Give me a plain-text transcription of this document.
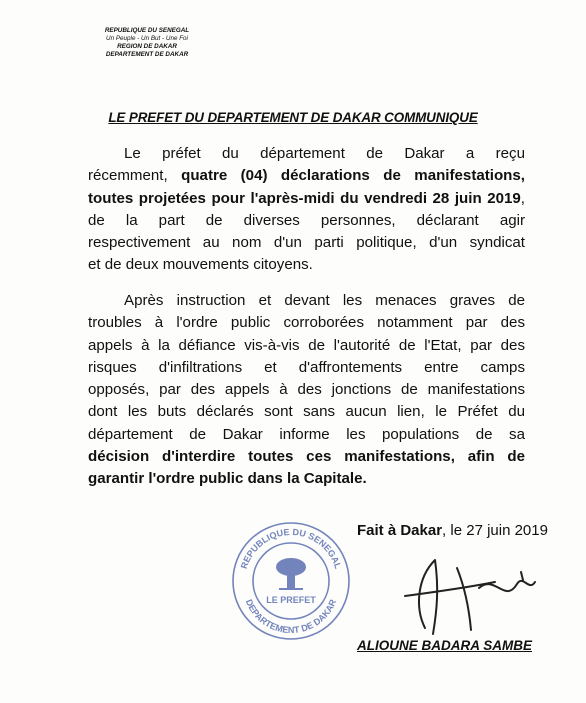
REPUBLIQUE DU SENEGAL
Un Peuple - Un But - Une Foi
REGION DE DAKAR
DEPARTEMENT DE DAKAR
LE PREFET DU DEPARTEMENT DE DAKAR COMMUNIQUE
Le préfet du département de Dakar a reçu
récemment, quatre (04) déclarations de manifestations,
toutes projetées pour l'après-midi du vendredi 28 juin 2019,
de la part de diverses personnes, déclarant agir
respectivement au nom d'un parti politique, d'un syndicat
et de deux mouvements citoyens.
Après instruction et devant les menaces graves de
troubles à l'ordre public corroborées notamment par des
appels à la défiance vis-à-vis de l'autorité de l'Etat, par des
risques d'infiltrations et d'affrontements entre camps
opposés, par des appels à des jonctions de manifestations
dont les buts déclarés sont sans aucun lien, le Préfet du
département de Dakar informe les populations de sa
décision d'interdire toutes ces manifestations, afin de
garantir l'ordre public dans la Capitale.
Fait à Dakar, le 27 juin 2019
REPUBLIQUE DU SENEGAL
DEPARTEMENT DE DAKAR
LE PREFET
ALIOUNE BADARA SAMBE
